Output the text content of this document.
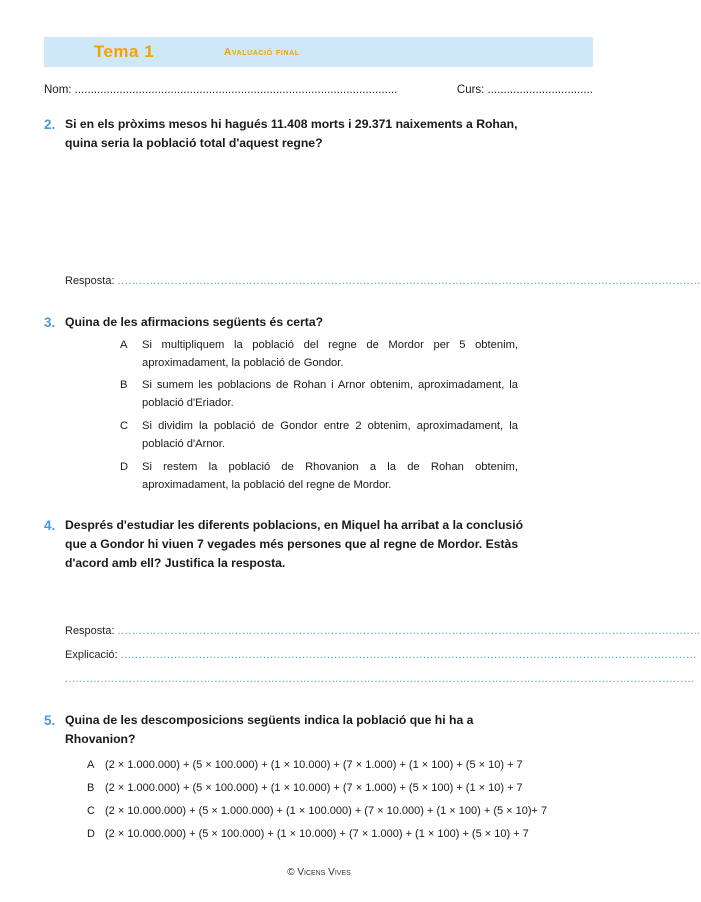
Tema 1	Avaluació final
Nom: .....................................................................................................	Curs: .................................
2. Si en els pròxims mesos hi hagués 11.408 morts i 29.371 naixements a Rohan, quina seria la població total d'aquest regne?
Resposta: ....................................................................................................................................................................
3. Quina de les afirmacions següents és certa?
A	Si multipliquem la població del regne de Mordor per 5 obtenim, aproximadament, la població de Gondor.
B	Si sumem les poblacions de Rohan i Arnor obtenim, aproximadament, la població d'Eriador.
C	Si dividim la població de Gondor entre 2 obtenim, aproximadament, la població d'Arnor.
D	Si restem la població de Rhovanion a la de Rohan obtenim, aproximadament, la població del regne de Mordor.
4. Després d'estudiar les diferents poblacions, en Miquel ha arribat a la conclusió que a Gondor hi viuen 7 vegades més persones que al regne de Mordor. Estàs d'acord amb ell? Justifica la resposta.
Resposta: ....................................................................................................................................................................
Explicació: ..................................................................................................................................................................
.................................................................................................................................................................................
5. Quina de les descomposicions següents indica la població que hi ha a Rhovanion?
A (2 × 1.000.000) + (5 × 100.000) + (1 × 10.000) + (7 × 1.000) + (1 × 100) + (5 × 10) + 7
B (2 × 1.000.000) + (5 × 100.000) + (1 × 10.000) + (7 × 1.000) + (5 × 100) + (1 × 10) + 7
C (2 × 10.000.000) + (5 × 1.000.000) + (1 × 100.000) + (7 × 10.000) + (1 × 100) + (5 × 10)+ 7
D (2 × 10.000.000) + (5 × 100.000) + (1 × 10.000) + (7 × 1.000) + (1 × 100) + (5 × 10) + 7
© Vicens Vives
